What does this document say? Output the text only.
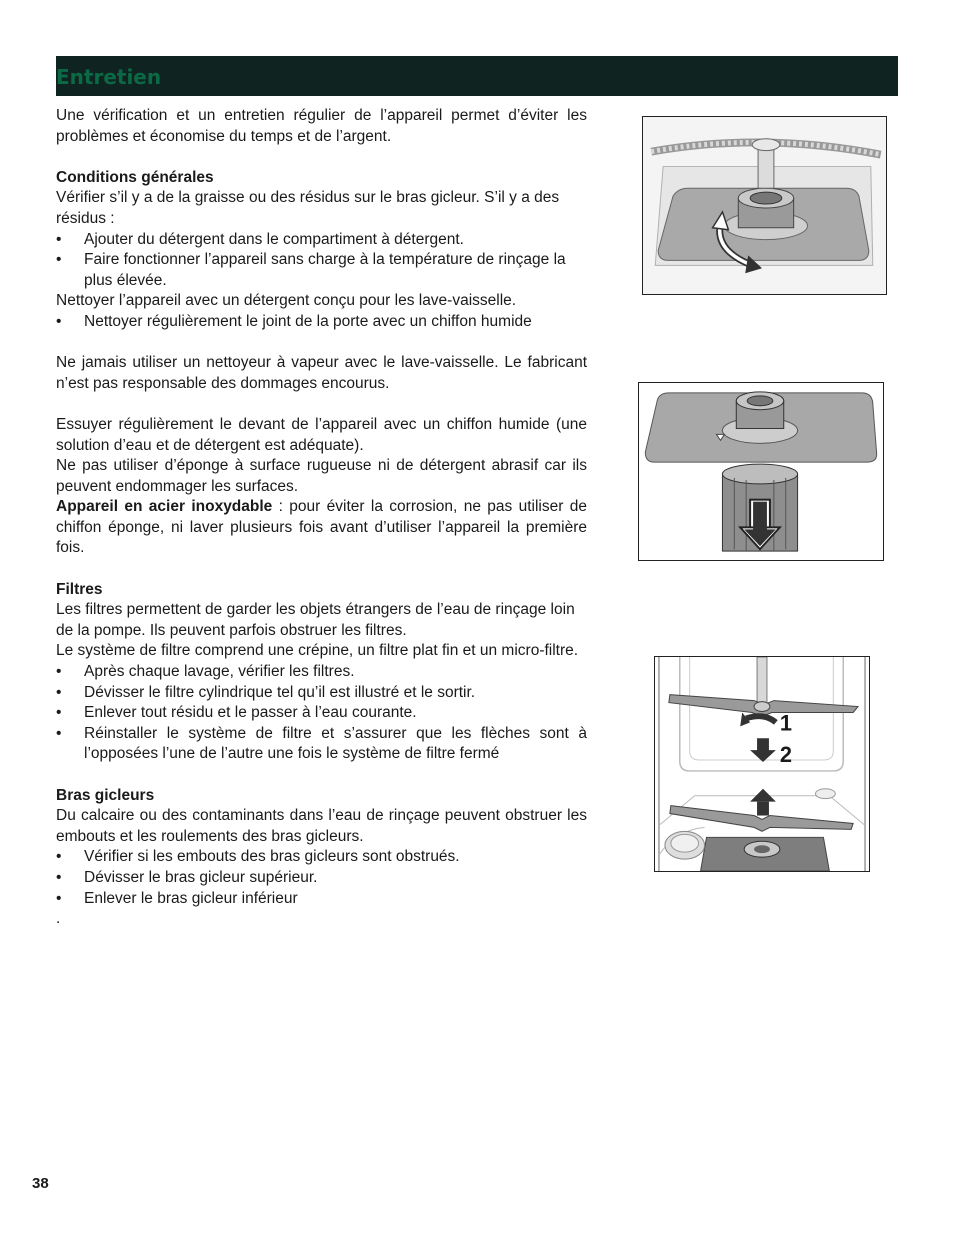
Entretien

Une vérification et un entretien régulier de l’appareil permet d’éviter les problèmes et économise du temps et de l’argent.

Conditions générales

Vérifier s’il y a de la graisse ou des résidus sur le bras gicleur. S’il y a des résidus :

• Ajouter du détergent dans le compartiment à détergent.
• Faire fonctionner l’appareil sans charge à la température de rinçage la plus élevée.

Nettoyer l’appareil avec un détergent conçu pour les lave-vaisselle.

• Nettoyer régulièrement le joint de la porte avec un chiffon humide

Ne jamais utiliser un nettoyeur à vapeur avec le lave-vaisselle. Le fabricant n’est pas responsable des dommages encourus.

Essuyer régulièrement le devant de l’appareil avec un chiffon humide (une solution d’eau et de détergent est adéquate).

Ne pas utiliser d’éponge à surface rugueuse ni de détergent abrasif car ils peuvent endommager les surfaces.

Appareil en acier inoxydable : pour éviter la corrosion, ne pas utiliser de chiffon éponge, ni laver plusieurs fois avant d’utiliser l’appareil la première fois.

Filtres

Les filtres permettent de garder les objets étrangers de l’eau de rinçage loin de la pompe. Ils peuvent parfois obstruer les filtres.

Le système de filtre comprend une crépine, un filtre plat fin et un micro-filtre.

• Après chaque lavage, vérifier les filtres.
• Dévisser le filtre cylindrique tel qu’il est illustré et le sortir.
• Enlever tout résidu et le passer à l’eau courante.
• Réinstaller le système de filtre et s’assurer que les flèches sont à l’opposées l’une de l’autre une fois le système de filtre fermé

Bras gicleurs

Du calcaire ou des contaminants dans l’eau de rinçage peuvent obstruer les embouts et les roulements des bras gicleurs.

• Vérifier si les embouts des bras gicleurs sont obstrués.
• Dévisser le bras gicleur supérieur.
• Enlever le bras gicleur inférieur

.

1
2
38
